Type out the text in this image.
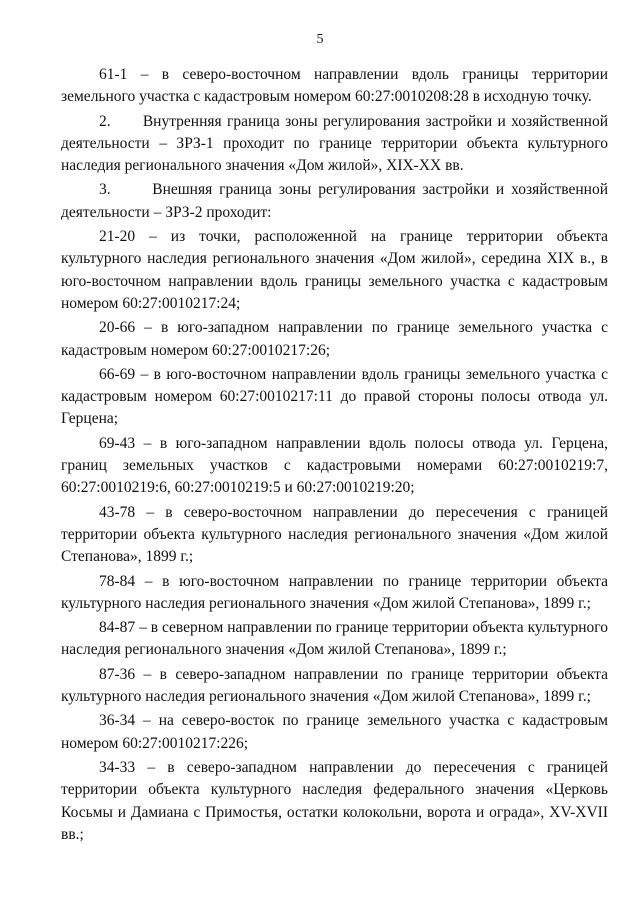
5

61-1 – в северо-восточном направлении вдоль границы территории земельного участка с кадастровым номером 60:27:0010208:28 в исходную точку.

2.      Внутренняя граница зоны регулирования застройки и хозяйственной деятельности – ЗРЗ-1 проходит по границе территории объекта культурного наследия регионального значения «Дом жилой», XIX-XX вв.

3.      Внешняя граница зоны регулирования застройки и хозяйственной деятельности – ЗРЗ-2 проходит:

21-20 – из точки, расположенной на границе территории объекта культурного наследия регионального значения «Дом жилой», середина XIX в., в юго-восточном направлении вдоль границы земельного участка с кадастровым номером 60:27:0010217:24;

20-66 – в юго-западном направлении по границе земельного участка с кадастровым номером 60:27:0010217:26;

66-69 – в юго-восточном направлении вдоль границы земельного участка с кадастровым номером 60:27:0010217:11 до правой стороны полосы отвода ул. Герцена;

69-43 – в юго-западном направлении вдоль полосы отвода ул. Герцена, границ земельных участков с кадастровыми номерами 60:27:0010219:7, 60:27:0010219:6, 60:27:0010219:5 и 60:27:0010219:20;

43-78 – в северо-восточном направлении до пересечения с границей территории объекта культурного наследия регионального значения «Дом жилой Степанова», 1899 г.;

78-84 – в юго-восточном направлении по границе территории объекта культурного наследия регионального значения «Дом жилой Степанова», 1899 г.;

84-87 – в северном направлении по границе территории объекта культурного наследия регионального значения «Дом жилой Степанова», 1899 г.;

87-36 – в северо-западном направлении по границе территории объекта культурного наследия регионального значения «Дом жилой Степанова», 1899 г.;

36-34 – на северо-восток по границе земельного участка с кадастровым номером 60:27:0010217:226;

34-33 – в северо-западном направлении до пересечения с границей территории объекта культурного наследия федерального значения «Церковь Косьмы и Дамиана с Примостья, остатки колокольни, ворота и ограда», XV-XVII вв.;
